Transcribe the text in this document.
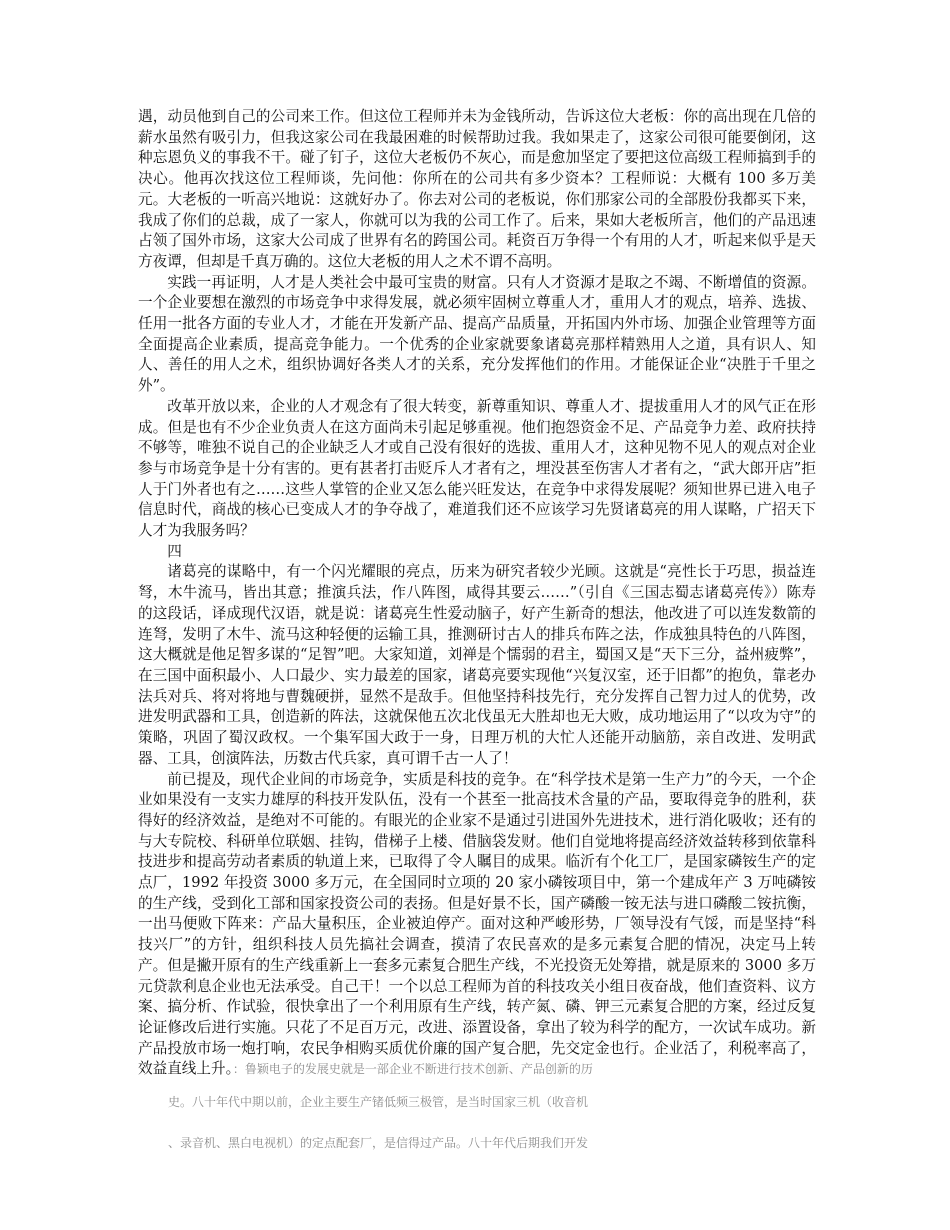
遇，动员他到自己的公司来工作。但这位工程师并未为金钱所动，告诉这位大老板：你的高出现在几倍的薪水虽然有吸引力，但我这家公司在我最困难的时候帮助过我。我如果走了，这家公司很可能要倒闭，这种忘恩负义的事我不干。碰了钉子，这位大老板仍不灰心，而是愈加坚定了要把这位高级工程师搞到手的决心。他再次找这位工程师谈，先问他：你所在的公司共有多少资本？工程师说：大概有 100 多万美元。大老板的一听高兴地说：这就好办了。你去对公司的老板说，你们那家公司的全部股份我都买下来，我成了你们的总裁，成了一家人，你就可以为我的公司工作了。后来，果如大老板所言，他们的产品迅速占领了国外市场，这家大公司成了世界有名的跨国公司。耗资百万争得一个有用的人才，听起来似乎是天方夜谭，但却是千真万确的。这位大老板的用人之术不谓不高明。

实践一再证明，人才是人类社会中最可宝贵的财富。只有人才资源才是取之不竭、不断增值的资源。一个企业要想在激烈的市场竞争中求得发展，就必须牢固树立尊重人才，重用人才的观点，培养、选拔、任用一批各方面的专业人才，才能在开发新产品、提高产品质量，开拓国内外市场、加强企业管理等方面全面提高企业素质，提高竞争能力。一个优秀的企业家就要象诸葛亮那样精熟用人之道，具有识人、知人、善任的用人之术，组织协调好各类人才的关系，充分发挥他们的作用。才能保证企业“决胜于千里之外”。

改革开放以来，企业的人才观念有了很大转变，新尊重知识、尊重人才、提拔重用人才的风气正在形成。但是也有不少企业负责人在这方面尚未引起足够重视。他们抱怨资金不足、产品竞争力差、政府扶持不够等，唯独不说自己的企业缺乏人才或自己没有很好的选拔、重用人才，这种见物不见人的观点对企业参与市场竞争是十分有害的。更有甚者打击贬斥人才者有之，埋没甚至伤害人才者有之，“武大郎开店”拒人于门外者也有之……这些人掌管的企业又怎么能兴旺发达，在竞争中求得发展呢？须知世界已进入电子信息时代，商战的核心已变成人才的争夺战了，难道我们还不应该学习先贤诸葛亮的用人谋略，广招天下人才为我服务吗？

四

诸葛亮的谋略中，有一个闪光耀眼的亮点，历来为研究者较少光顾。这就是“亮性长于巧思，损益连弩，木牛流马，皆出其意；推演兵法，作八阵图，咸得其要云……”（引自《三国志蜀志诸葛亮传》）陈寿的这段话，译成现代汉语，就是说：诸葛亮生性爱动脑子，好产生新奇的想法，他改进了可以连发数箭的连弩，发明了木牛、流马这种轻便的运输工具，推测研讨古人的排兵布阵之法，作成独具特色的八阵图，这大概就是他足智多谋的“足智”吧。大家知道，刘禅是个懦弱的君主，蜀国又是“天下三分，益州疲弊”，在三国中面积最小、人口最少、实力最差的国家，诸葛亮要实现他“兴复汉室，还于旧都”的抱负，靠老办法兵对兵、将对将地与曹魏硬拼，显然不是敌手。但他坚持科技先行，充分发挥自己智力过人的优势，改进发明武器和工具，创造新的阵法，这就保他五次北伐虽无大胜却也无大败，成功地运用了“以攻为守”的策略，巩固了蜀汉政权。一个集军国大政于一身，日理万机的大忙人还能开动脑筋，亲自改进、发明武器、工具，创演阵法，历数古代兵家，真可谓千古一人了！

前已提及，现代企业间的市场竞争，实质是科技的竞争。在“科学技术是第一生产力”的今天，一个企业如果没有一支实力雄厚的科技开发队伍，没有一个甚至一批高技术含量的产品，要取得竞争的胜利，获得好的经济效益，是绝对不可能的。有眼光的企业家不是通过引进国外先进技术，进行消化吸收；还有的与大专院校、科研单位联姻、挂钩，借梯子上楼、借脑袋发财。他们自觉地将提高经济效益转移到依靠科技进步和提高劳动者素质的轨道上来，已取得了令人瞩目的成果。临沂有个化工厂，是国家磷铵生产的定点厂，1992 年投资 3000 多万元，在全国同时立项的 20 家小磷铵项目中，第一个建成年产 3 万吨磷铵的生产线，受到化工部和国家投资公司的表扬。但是好景不长，国产磷酸一铵无法与进口磷酸二铵抗衡，一出马便败下阵来：产品大量积压，企业被迫停产。面对这种严峻形势，厂领导没有气馁，而是坚持“科技兴厂”的方针，组织科技人员先搞社会调查，摸清了农民喜欢的是多元素复合肥的情况，决定马上转产。但是撇开原有的生产线重新上一套多元素复合肥生产线，不光投资无处筹措，就是原来的 3000 多万元贷款利息企业也无法承受。自己干！一个以总工程师为首的科技攻关小组日夜奋战，他们查资料、议方案、搞分析、作试验，很快拿出了一个利用原有生产线，转产氮、磷、钾三元素复合肥的方案，经过反复论证修改后进行实施。只花了不足百万元，改进、添置设备，拿出了较为科学的配方，一次试车成功。新产品投放市场一炮打响，农民争相购买质优价廉的国产复合肥，先交定金也行。企业活了，利税率高了，效益直线上升。：鲁颖电子的发展史就是一部企业不断进行技术创新、产品创新的历

史。八十年代中期以前，企业主要生产锗低频三极管，是当时国家三机（收音机
、录音机、黑白电视机）的定点配套厂，是信得过产品。八十年代后期我们开发
